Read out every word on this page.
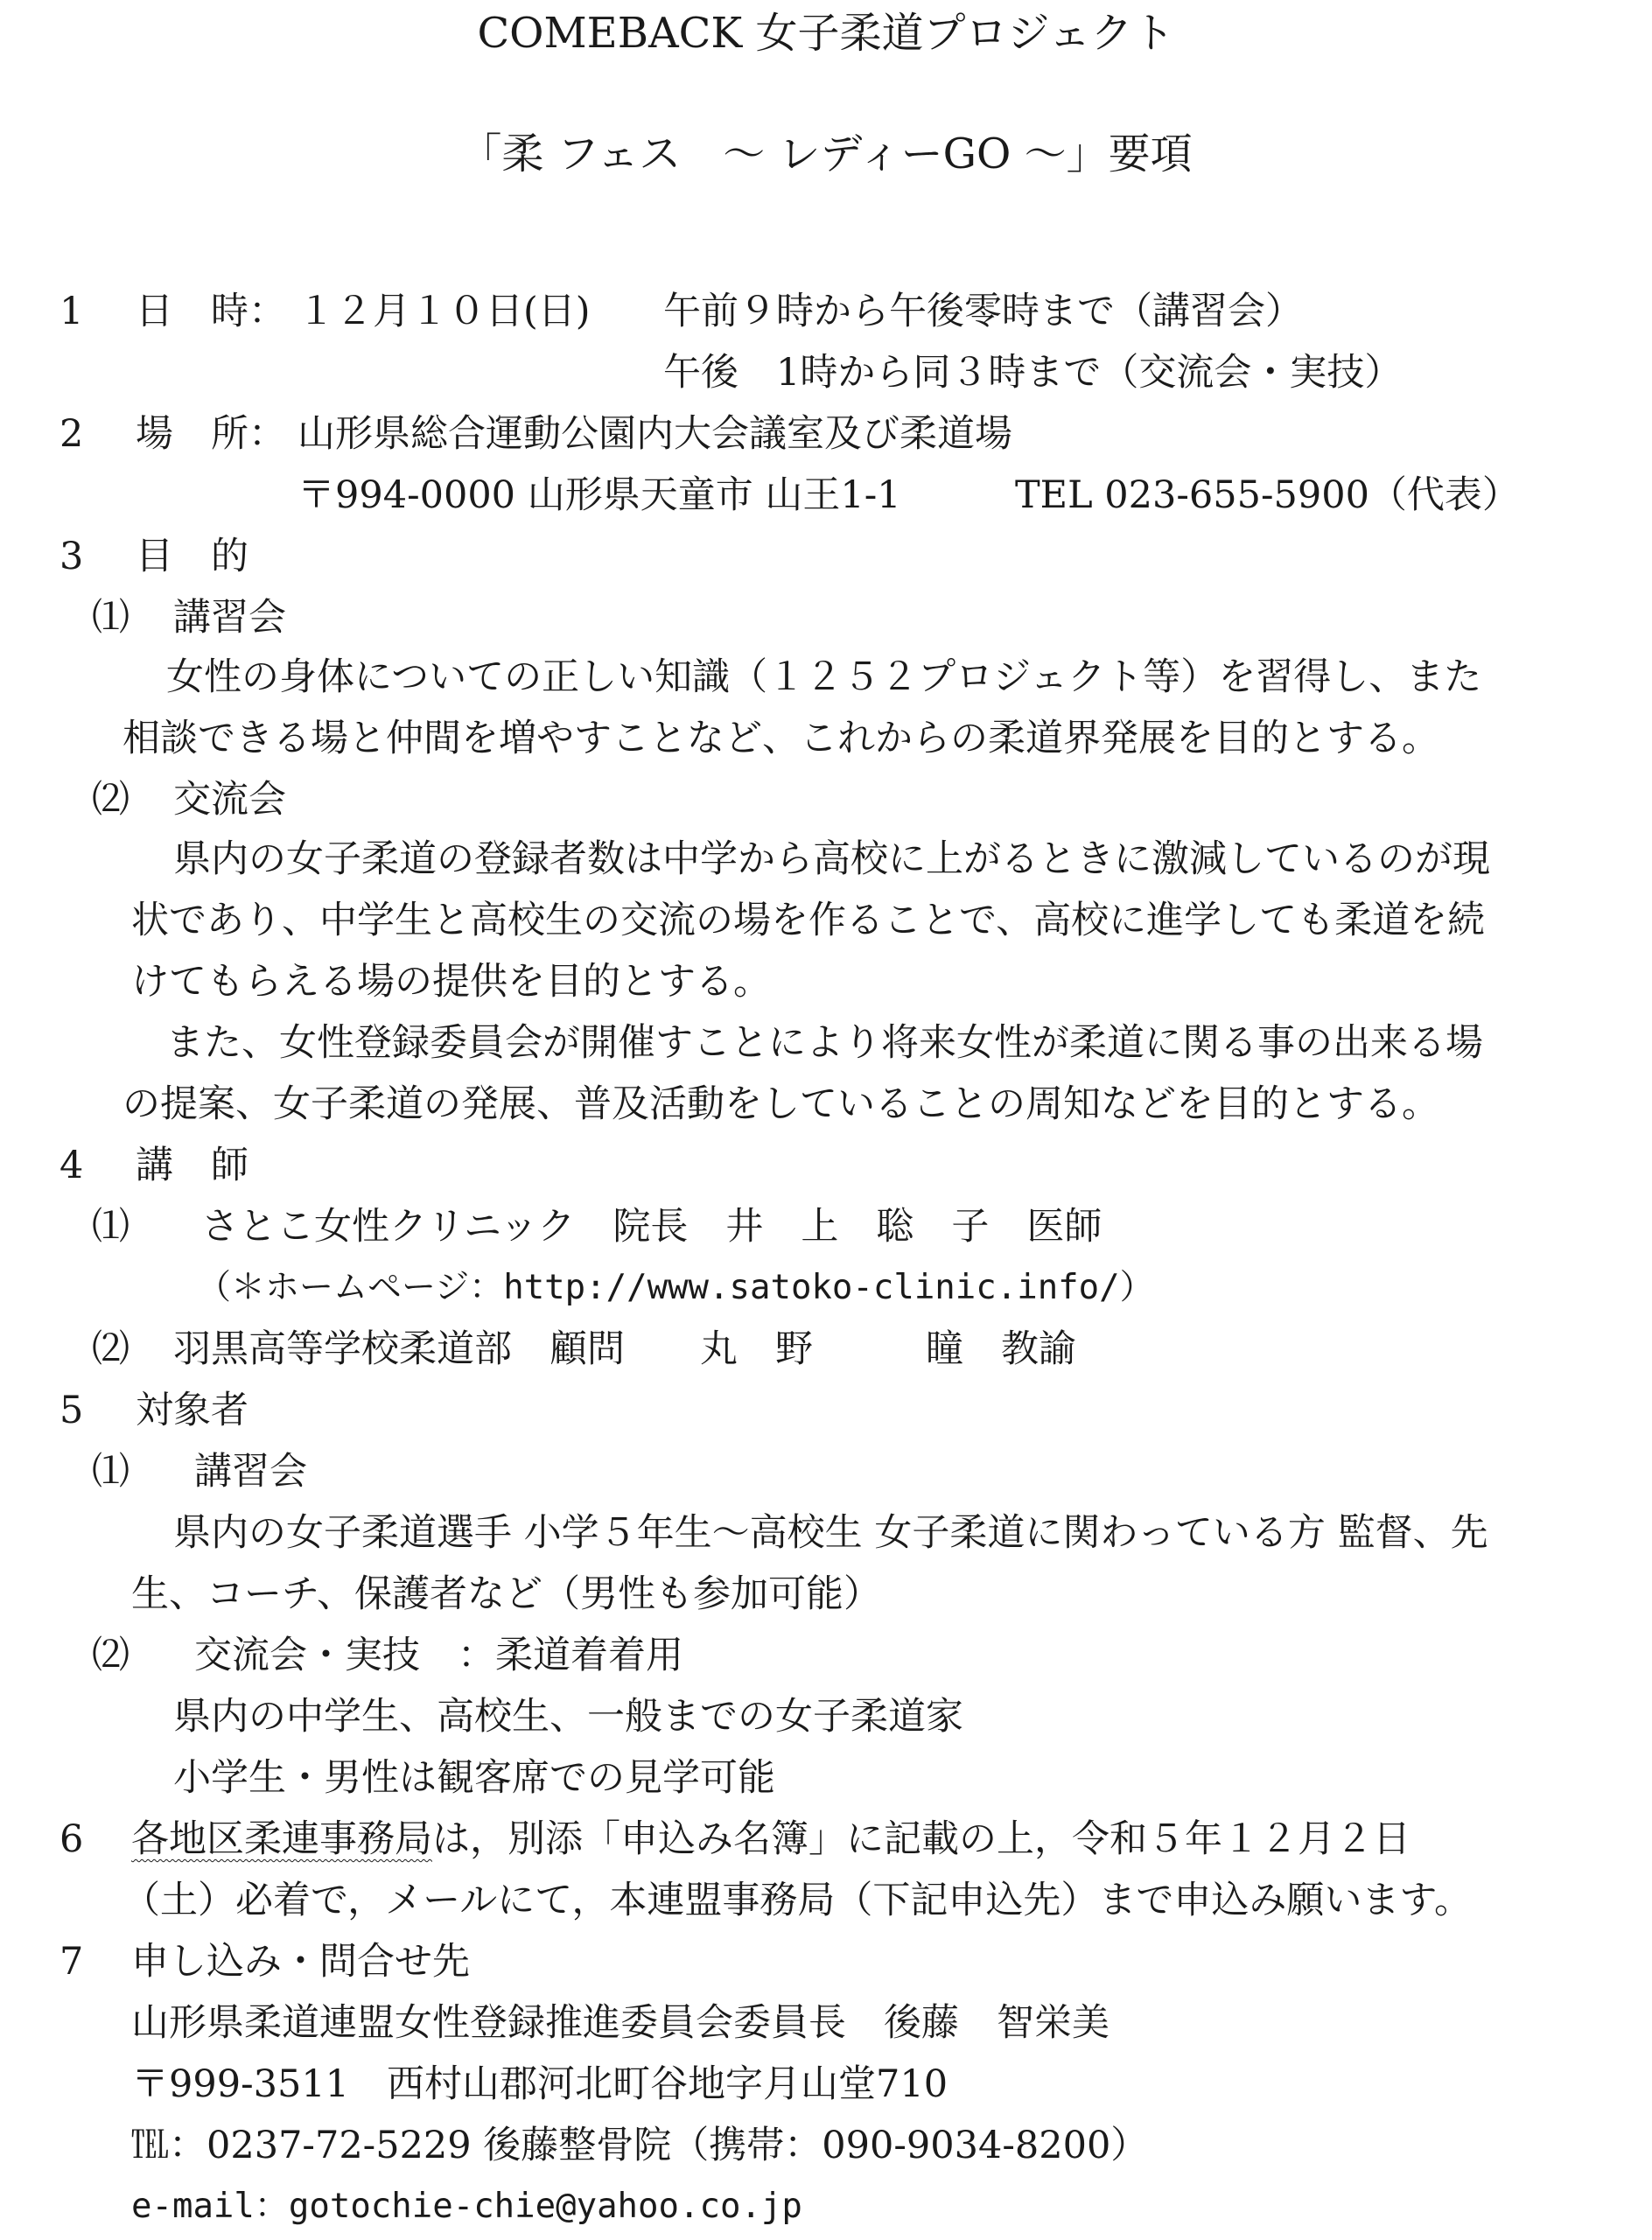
COMEBACK 女子柔道プロジェクト
「柔 フェス　～ レディーGO ～」要項
1 日　時： １２月１０日(日) 午前９時から午後零時まで（講習会）
午後　1時から同３時まで（交流会・実技）
2 場　所： 山形県総合運動公園内大会議室及び柔道場
〒994-0000 山形県天童市 山王1-1	TEL 023-655-5900（代表）
3 目　的
⑴ 講習会
女性の身体についての正しい知識（１２５２プロジェクト等）を習得し、また
相談できる場と仲間を増やすことなど、これからの柔道界発展を目的とする。
⑵ 交流会
県内の女子柔道の登録者数は中学から高校に上がるときに激減しているのが現
状であり、中学生と高校生の交流の場を作ることで、高校に進学しても柔道を続
けてもらえる場の提供を目的とする。
また、女性登録委員会が開催すことにより将来女性が柔道に関る事の出来る場
の提案、女子柔道の発展、普及活動をしていることの周知などを目的とする。
4 講　師
⑴ さとこ女性クリニック　院長　井　上　聡　子　医師
（＊ホームページ：http://www.satoko-clinic.info/）
⑵ 羽黒高等学校柔道部　顧問　　丸　野　　　瞳　教諭
5 対象者
⑴ 講習会
県内の女子柔道選手 小学５年生～高校生 女子柔道に関わっている方 監督、先
生、コーチ、保護者など（男性も参加可能）
⑵ 交流会・実技　：柔道着着用
県内の中学生、高校生、一般までの女子柔道家
小学生・男性は観客席での見学可能
6 各地区柔連事務局は，別添「申込み名簿」に記載の上，令和５年１２月２日
（土）必着で，メールにて，本連盟事務局（下記申込先）まで申込み願います。
7 申し込み・問合せ先
山形県柔道連盟女性登録推進委員会委員長　後藤　智栄美
〒999-3511　西村山郡河北町谷地字月山堂710
℡：0237-72-5229 後藤整骨院（携帯：090-9034-8200）
e-mail：gotochie-chie@yahoo.co.jp
